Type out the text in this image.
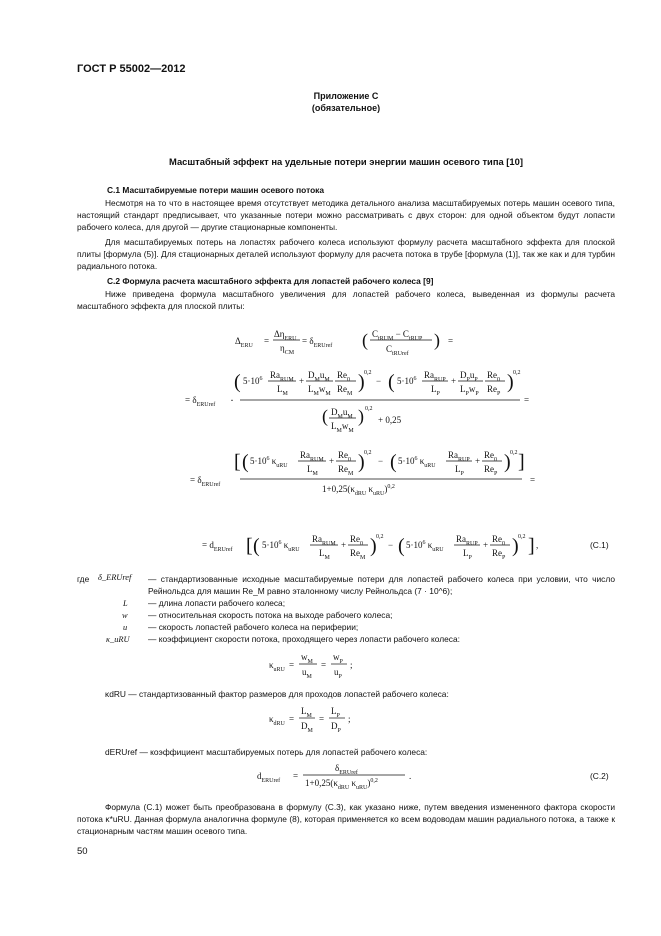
ГОСТ Р 55002—2012
Приложение С
(обязательное)
Масштабный эффект на удельные потери энергии машин осевого типа [10]
С.1 Масштабируемые потери машин осевого потока
Несмотря на то что в настоящее время отсутствует методика детального анализа масштабируемых потерь машин осевого типа, настоящий стандарт предписывает, что указанные потери можно рассматривать с двух сторон: для одной объектом будут лопасти рабочего колеса, для другой — другие стационарные компоненты.
Для масштабируемых потерь на лопастях рабочего колеса используют формулу расчета масштабного эффекта для плоской плиты [формула (5)]. Для стационарных деталей используют формулу для расчета потока в трубе [формула (1)], так же как и для турбин радиального потока.
С.2 Формула расчета масштабного эффекта для лопастей рабочего колеса [9]
Ниже приведена формула масштабного увеличения для лопастей рабочего колеса, выведенная из формулы расчета масштабного эффекта для плоской плиты:
$\Delta_{ERU}$ =
$\Delta\eta_{ERU}$
$\eta_{CM}$
= $\delta_{ERUref}$ ( $C_{tRUM} - C_{tRUP}$
$C_{tRUref}$
) =
= $\delta_{ERUref}$ ·
( $5\cdot 10^6$ $Ra_{RUM}$
$L_M$
+
$D_Mu_M$
$L_Mw_M$
$Re_0$
$Re_M$
) 0,2
− ( $5\cdot 10^6$ $Ra_{RUP}$
$L_P$
+
$D_Pu_P$
$L_Pw_P$
$Re_0$
$Re_P$
) 0,2
( $D_Mu_M$
$L_Mw_M$
) 0,2
+ 0,25
=
= $\delta_{ERUref}$
[ ( $5\cdot 10^6$ $\kappa_{uRU}$
$Ra_{RUM}$
$L_M$
+
$Re_0$
$Re_M$
) 0,2
− ( $5\cdot 10^6$ $\kappa_{uRU}$
$Ra_{RUP}$
$L_P$
+
$Re_0$
$Re_P$
) 0,2 ]
$1+0,25(\kappa_{dRU}$ $\kappa_{uRU})^{0,2}$
=
= $d_{ERUref}$ [ ( $5\cdot 10^6$ $\kappa_{uRU}$
$Ra_{RUM}$
$L_M$
+
$Re_0$
$Re_M$
) 0,2
− ( $5\cdot 10^6$ $\kappa_{uRU}$
$Ra_{RUP}$
$L_P$
+
$Re_0$
$Re_P$
) 0,2 ] ,	(С.1)
где δ_ERUref — стандартизованные исходные масштабируемые потери для лопастей рабочего колеса при условии, что число Рейнольдса для машин Re_M равно эталонному числу Рейнольдса (7 · 10^6);
L — длина лопасти рабочего колеса;
w — относительная скорость потока на выходе рабочего колеса;
u — скорость лопастей рабочего колеса на периферии;
κ_uRU — коэффициент скорости потока, проходящего через лопасти рабочего колеса:
$\kappa_{uRU}$ =
$w_M$
$u_M$
=
$w_P$
$u_P$
;
κdRU — стандартизованный фактор размеров для проходов лопастей рабочего колеса:
$\kappa_{dRU}$ =
$L_M$
$D_M$
=
$L_P$
$D_P$
;
dERUref — коэффициент масштабируемых потерь для лопастей рабочего колеса:
$d_{ERUref}$ =
$\delta_{ERUref}$
$1+0,25(\kappa_{dRU}$ $\kappa_{uRU})^{0,2}$	.	(С.2)
Формула (С.1) может быть преобразована в формулу (С.3), как указано ниже, путем введения измененного фактора скорости потока κ*uRU. Данная формула аналогична формуле (8), которая применяется ко всем водоводам машин радиального потока, а также к стационарным частям машин осевого типа.
50
